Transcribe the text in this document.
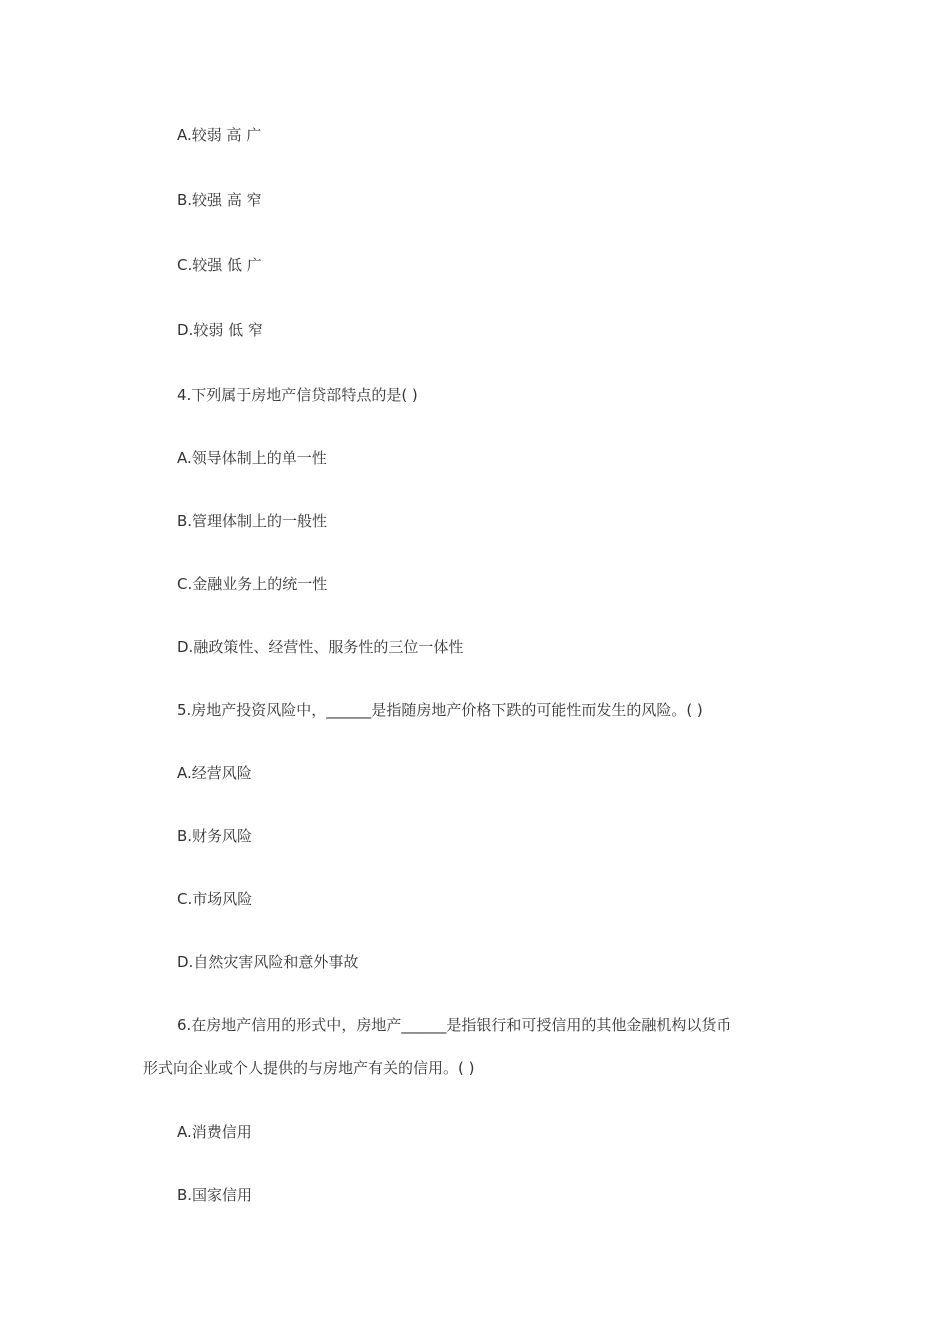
A.较弱 高 广
B.较强 高 窄
C.较强 低 广
D.较弱 低 窄
4.下列属于房地产信贷部特点的是( )
A.领导体制上的单一性
B.管理体制上的一般性
C.金融业务上的统一性
D.融政策性、经营性、服务性的三位一体性
5.房地产投资风险中，______是指随房地产价格下跌的可能性而发生的风险。( )
A.经营风险
B.财务风险
C.市场风险
D.自然灾害风险和意外事故
6.在房地产信用的形式中，房地产______是指银行和可授信用的其他金融机构以货币
形式向企业或个人提供的与房地产有关的信用。( )
A.消费信用
B.国家信用
